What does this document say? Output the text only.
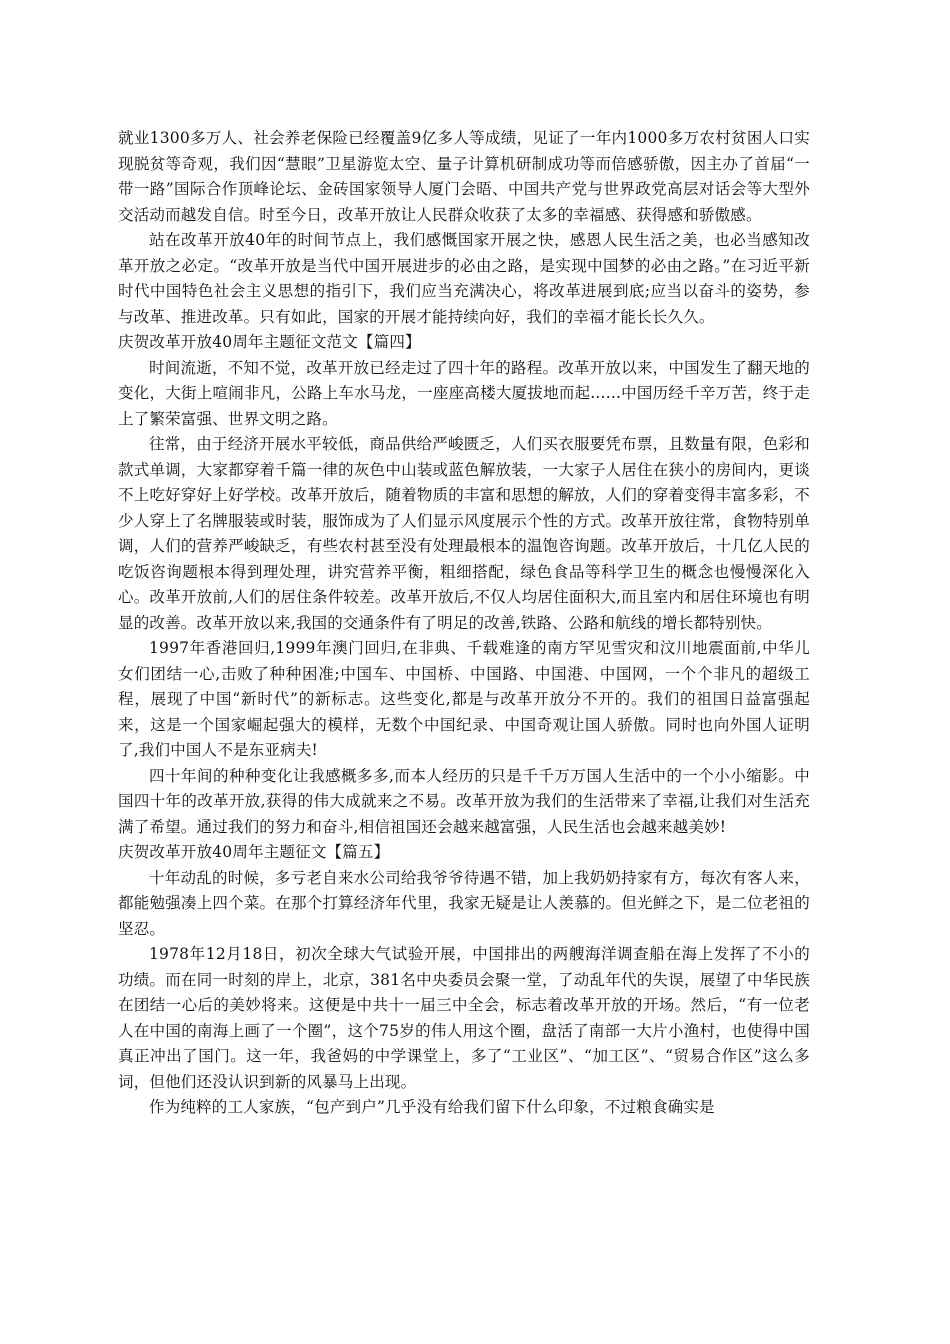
就业1300多万人、社会养老保险已经覆盖9亿多人等成绩，见证了一年内1000多万农村贫困人口实现脱贫等奇观，我们因“慧眼”卫星游览太空、量子计算机研制成功等而倍感骄傲，因主办了首届“一带一路”国际合作顶峰论坛、金砖国家领导人厦门会晤、中国共产党与世界政党高层对话会等大型外交活动而越发自信。时至今日，改革开放让人民群众收获了太多的幸福感、获得感和骄傲感。

站在改革开放40年的时间节点上，我们感慨国家开展之快，感恩人民生活之美，也必当感知改革开放之必定。“改革开放是当代中国开展进步的必由之路，是实现中国梦的必由之路。”在习近平新时代中国特色社会主义思想的指引下，我们应当充满决心，将改革进展到底;应当以奋斗的姿势，参与改革、推进改革。只有如此，国家的开展才能持续向好，我们的幸福才能长长久久。

庆贺改革开放40周年主题征文范文【篇四】

时间流逝，不知不觉，改革开放已经走过了四十年的路程。改革开放以来，中国发生了翻天地的变化，大街上喧闹非凡，公路上车水马龙，一座座高楼大厦拔地而起......中国历经千辛万苦，终于走上了繁荣富强、世界文明之路。

往常，由于经济开展水平较低，商品供给严峻匮乏，人们买衣服要凭布票，且数量有限，色彩和款式单调，大家都穿着千篇一律的灰色中山装或蓝色解放装，一大家子人居住在狭小的房间内，更谈不上吃好穿好上好学校。改革开放后，随着物质的丰富和思想的解放，人们的穿着变得丰富多彩，不少人穿上了名牌服装或时装，服饰成为了人们显示风度展示个性的方式。改革开放往常，食物特别单调，人们的营养严峻缺乏，有些农村甚至没有处理最根本的温饱咨询题。改革开放后，十几亿人民的吃饭咨询题根本得到理处理，讲究营养平衡，粗细搭配，绿色食品等科学卫生的概念也慢慢深化入心。改革开放前,人们的居住条件较差。改革开放后,不仅人均居住面积大,而且室内和居住环境也有明显的改善。改革开放以来,我国的交通条件有了明足的改善,铁路、公路和航线的增长都特别快。

1997年香港回归,1999年澳门回归,在非典、千载难逢的南方罕见雪灾和汶川地震面前,中华儿女们团结一心,击败了种种困准;中国车、中国桥、中国路、中国港、中国网，一个个非凡的超级工程，展现了中国“新时代”的新标志。这些变化,都是与改革开放分不开的。我们的祖国日益富强起来，这是一个国家崛起强大的模样，无数个中国纪录、中国奇观让国人骄傲。同时也向外国人证明了,我们中国人不是东亚病夫!

四十年间的种种变化让我感概多多,而本人经历的只是千千万万国人生活中的一个小小缩影。中国四十年的改革开放,获得的伟大成就来之不易。改革开放为我们的生活带来了幸福,让我们对生活充满了希望。通过我们的努力和奋斗,相信祖国还会越来越富强，人民生活也会越来越美妙!

庆贺改革开放40周年主题征文【篇五】

十年动乱的时候，多亏老自来水公司给我爷爷待遇不错，加上我奶奶持家有方，每次有客人来，都能勉强凑上四个菜。在那个打算经济年代里，我家无疑是让人羡慕的。但光鲜之下，是二位老祖的坚忍。

1978年12月18日，初次全球大气试验开展，中国排出的两艘海洋调查船在海上发挥了不小的功绩。而在同一时刻的岸上，北京，381名中央委员会聚一堂，了动乱年代的失误，展望了中华民族在团结一心后的美妙将来。这便是中共十一届三中全会，标志着改革开放的开场。然后，“有一位老人在中国的南海上画了一个圈”，这个75岁的伟人用这个圈，盘活了南部一大片小渔村，也使得中国真正冲出了国门。这一年，我爸妈的中学课堂上，多了“工业区”、“加工区”、“贸易合作区”这么多词，但他们还没认识到新的风暴马上出现。

作为纯粹的工人家族，“包产到户”几乎没有给我们留下什么印象，不过粮食确实是
